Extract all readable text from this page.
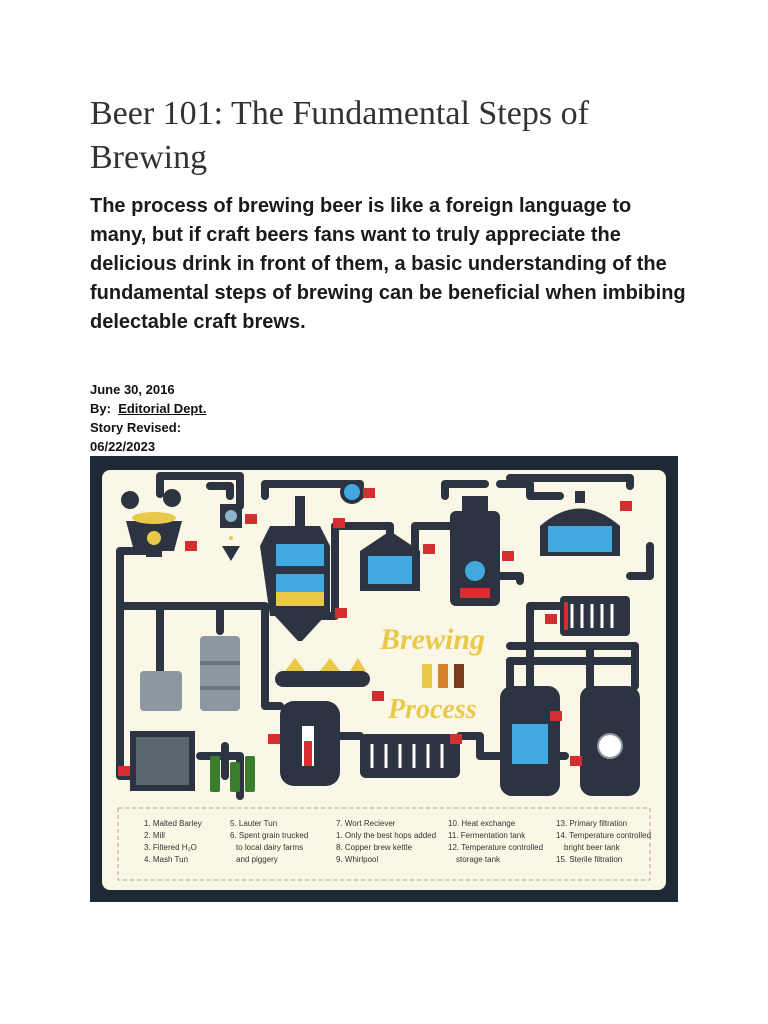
Beer 101: The Fundamental Steps of Brewing

The process of brewing beer is like a foreign language to many, but if craft beers fans want to truly appreciate the delicious drink in front of them, a basic understanding of the fundamental steps of brewing can be beneficial when imbibing delectable craft brews.

June 30, 2016
By: Editorial Dept.
Story Revised:
06/22/2023
Brewing
Process
1. Malted Barley
2. Mill
3. Filtered H₂O
4. Mash Tun
5. Lauter Tun
6. Spent grain trucked
to local dairy farms
and piggery
7. Wort Reciever
1. Only the best hops added
8. Copper brew kettle
9. Whirlpool
10. Heat exchange
11. Fermentation tank
12. Temperature controlled
storage tank
13. Primary filtration
14. Temperature controlled
bright beer tank
15. Sterile filtration
